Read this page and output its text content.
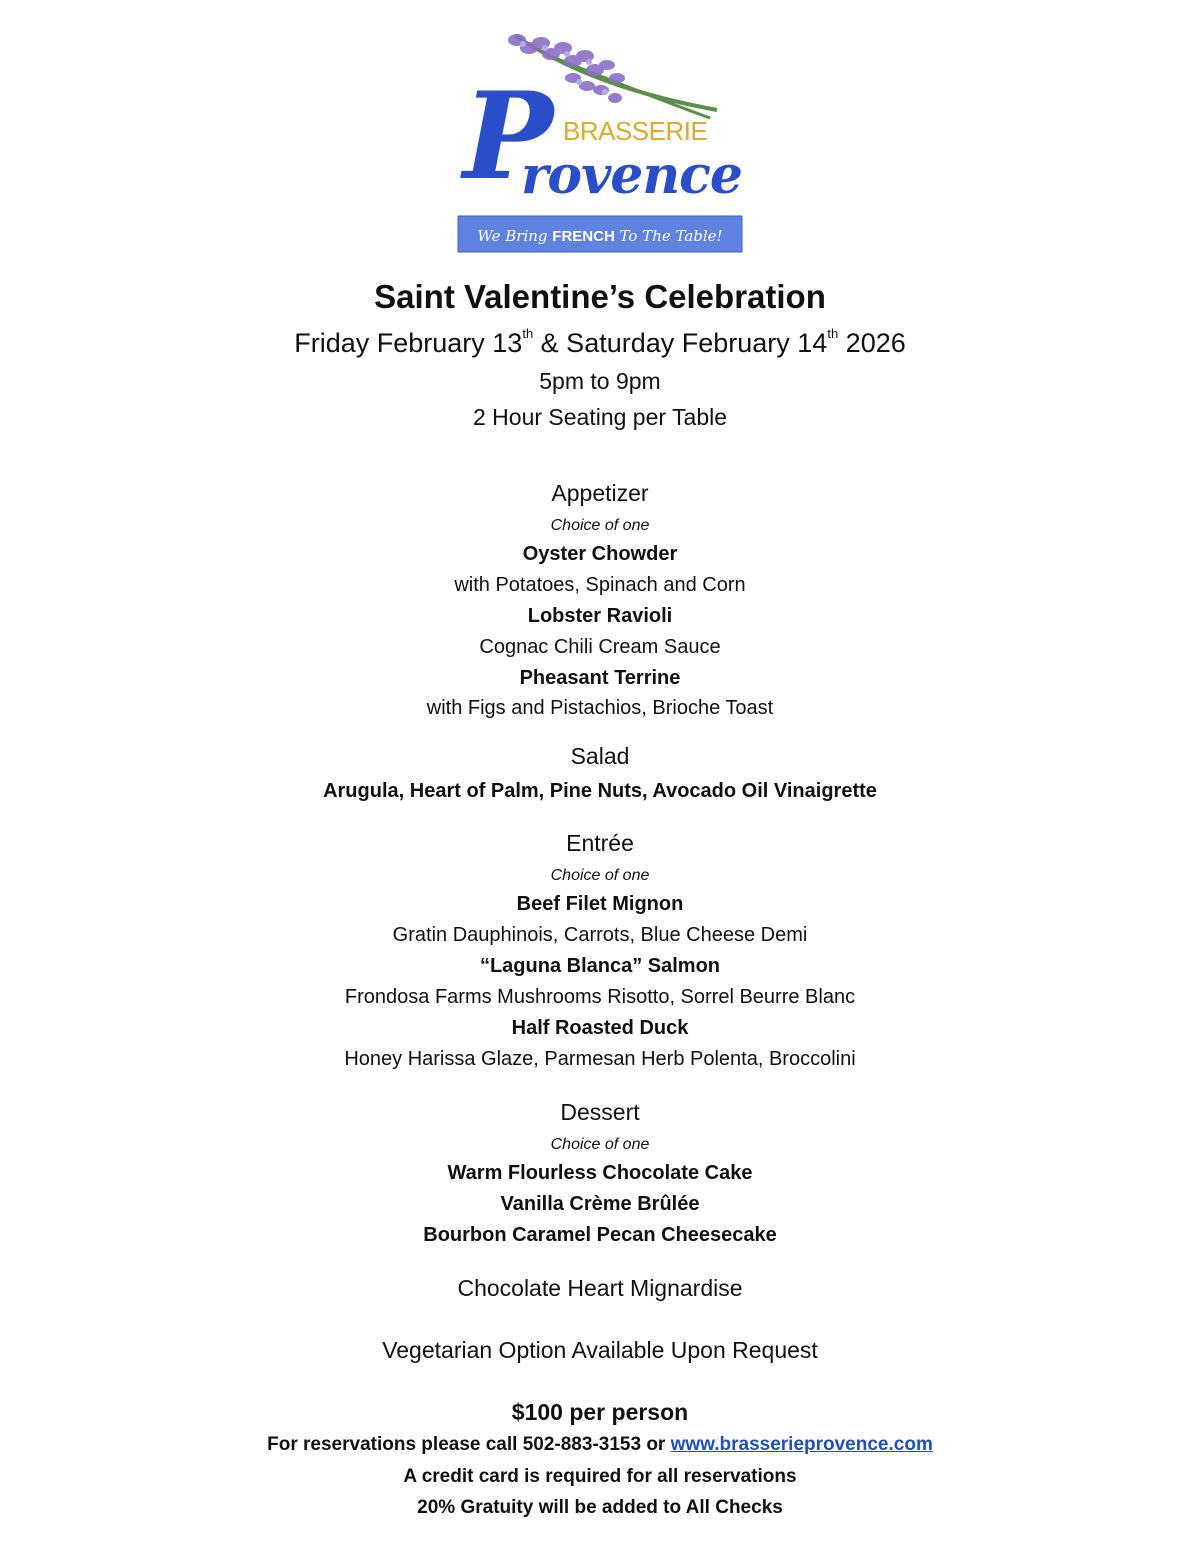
P BRASSERIE
rovence
We Bring FRENCH To The Table!
Saint Valentine’s Celebration

Friday February 13th & Saturday February 14th 2026

5pm to 9pm

2 Hour Seating per Table

Appetizer

Choice of one

Oyster Chowder

with Potatoes, Spinach and Corn

Lobster Ravioli

Cognac Chili Cream Sauce

Pheasant Terrine

with Figs and Pistachios, Brioche Toast

Salad

Arugula, Heart of Palm, Pine Nuts, Avocado Oil Vinaigrette

Entrée

Choice of one

Beef Filet Mignon

Gratin Dauphinois, Carrots, Blue Cheese Demi

“Laguna Blanca” Salmon

Frondosa Farms Mushrooms Risotto, Sorrel Beurre Blanc

Half Roasted Duck

Honey Harissa Glaze, Parmesan Herb Polenta, Broccolini

Dessert

Choice of one

Warm Flourless Chocolate Cake

Vanilla Crème Brûlée

Bourbon Caramel Pecan Cheesecake

Chocolate Heart Mignardise

Vegetarian Option Available Upon Request

$100 per person

For reservations please call 502-883-3153 or www.brasserieprovence.com

A credit card is required for all reservations

20% Gratuity will be added to All Checks
